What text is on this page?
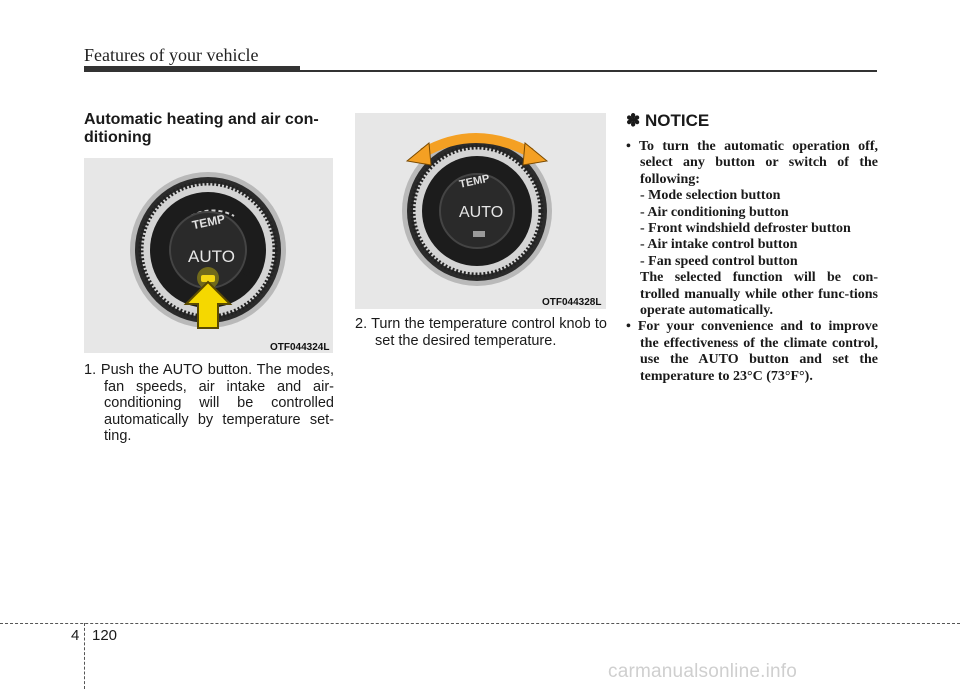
Features of your vehicle
Automatic heating and air con-
ditioning
TEMP
AUTO
OTF044324L
1. Push the AUTO button. The modes, fan speeds, air intake and air-conditioning will be controlled automatically by temperature set-ting.
TEMP
AUTO
OTF044328L
2. Turn the temperature control knob to set the desired temperature.
✽ NOTICE
• To turn the automatic operation off, select any button or switch of the following:
- Mode selection button
- Air conditioning button
- Front windshield defroster button
- Air intake control button
- Fan speed control button
The selected function will be con-trolled manually while other func-tions operate automatically.
• For your convenience and to improve the effectiveness of the climate control, use the AUTO button and set the temperature to 23°C (73°F°).
4 120
carmanualsonline.info
